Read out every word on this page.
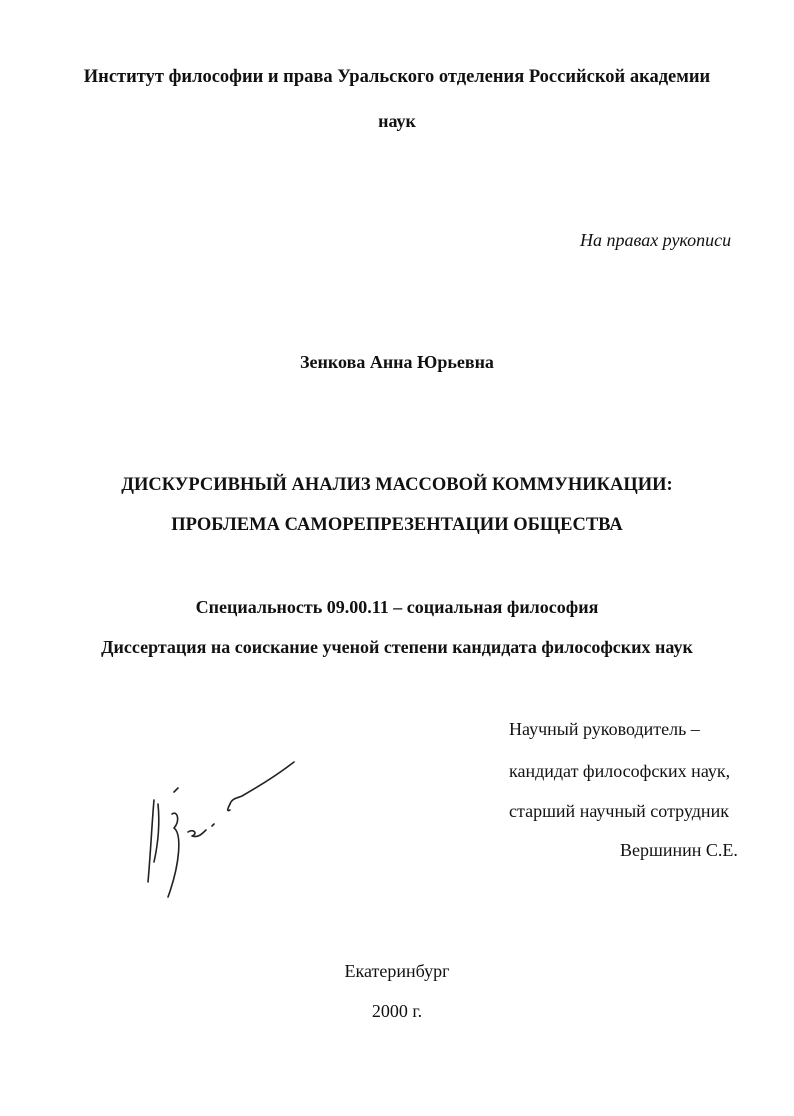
Институт философии и права Уральского отделения Российской академии
наук
На правах рукописи
Зенкова Анна Юрьевна
ДИСКУРСИВНЫЙ АНАЛИЗ МАССОВОЙ КОММУНИКАЦИИ:
ПРОБЛЕМА САМОРЕПРЕЗЕНТАЦИИ ОБЩЕСТВА
Специальность 09.00.11 – социальная философия
Диссертация на соискание ученой степени кандидата философских наук
Научный руководитель –
кандидат философских наук,
старший научный сотрудник
Вершинин С.Е.
Екатеринбург
2000 г.
